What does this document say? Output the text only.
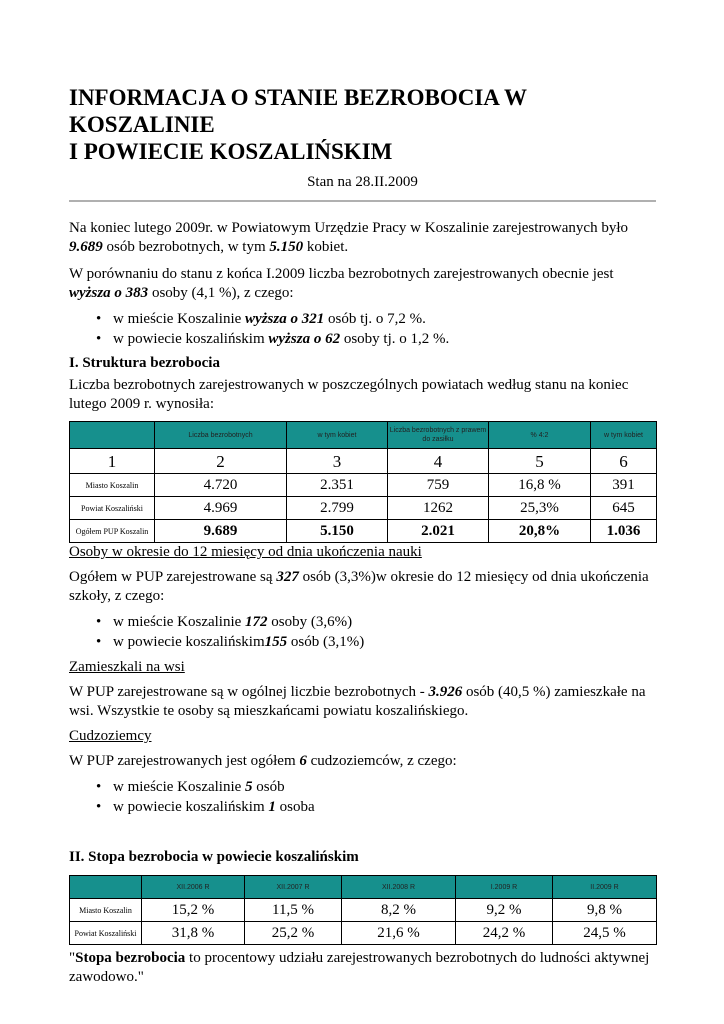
INFORMACJA O STANIE BEZROBOCIA W KOSZALINIE
I POWIECIE KOSZALIŃSKIM
Stan na 28.II.2009

Na koniec lutego 2009r. w Powiatowym Urzędzie Pracy w Koszalinie zarejestrowanych było 9.689 osób bezrobotnych, w tym 5.150 kobiet.

W porównaniu do stanu z końca I.2009 liczba bezrobotnych zarejestrowanych obecnie jest wyższa o 383 osoby (4,1 %), z czego:

• w mieście Koszalinie wyższa o 321 osób tj. o 7,2 %.
• w powiecie koszalińskim wyższa o 62 osoby tj. o 1,2 %.
I. Struktura bezrobocia

Liczba bezrobotnych zarejestrowanych w poszczególnych powiatach według stanu na koniec lutego 2009 r. wynosiła:

	Liczba bezrobotnych	w tym kobiet	Liczba bezrobotnych z prawem do zasiłku	% 4:2	w tym kobiet
1	2	3	4	5	6
Miasto Koszalin	4.720	2.351	759	16,8 %	391
Powiat Koszaliński	4.969	2.799	1262	25,3%	645
Ogółem PUP Koszalin	9.689	5.150	2.021	20,8%	1.036

Osoby w okresie do 12 miesięcy od dnia ukończenia nauki

Ogółem w PUP zarejestrowane są 327 osób (3,3%)w okresie do 12 miesięcy od dnia ukończenia szkoły, z czego:

• w mieście Koszalinie 172 osoby (3,6%)
• w powiecie koszalińskim155 osób (3,1%)

Zamieszkali na wsi

W PUP zarejestrowane są w ogólnej liczbie bezrobotnych - 3.926 osób (40,5 %) zamieszkałe na wsi. Wszystkie te osoby są mieszkańcami powiatu koszalińskiego.

Cudzoziemcy

W PUP zarejestrowanych jest ogółem 6 cudzoziemców, z czego:

• w mieście Koszalinie 5 osób
• w powiecie koszalińskim 1 osoba
II. Stopa bezrobocia w powiecie koszalińskim
	XII.2006 R	XII.2007 R	XII.2008 R	I.2009 R	II.2009 R
Miasto Koszalin	15,2 %	11,5 %	8,2 %	9,2 %	9,8 %
Powiat Koszaliński	31,8 %	25,2 %	21,6 %	24,2 %	24,5 %

"Stopa bezrobocia to procentowy udziału zarejestrowanych bezrobotnych do ludności aktywnej zawodowo."
